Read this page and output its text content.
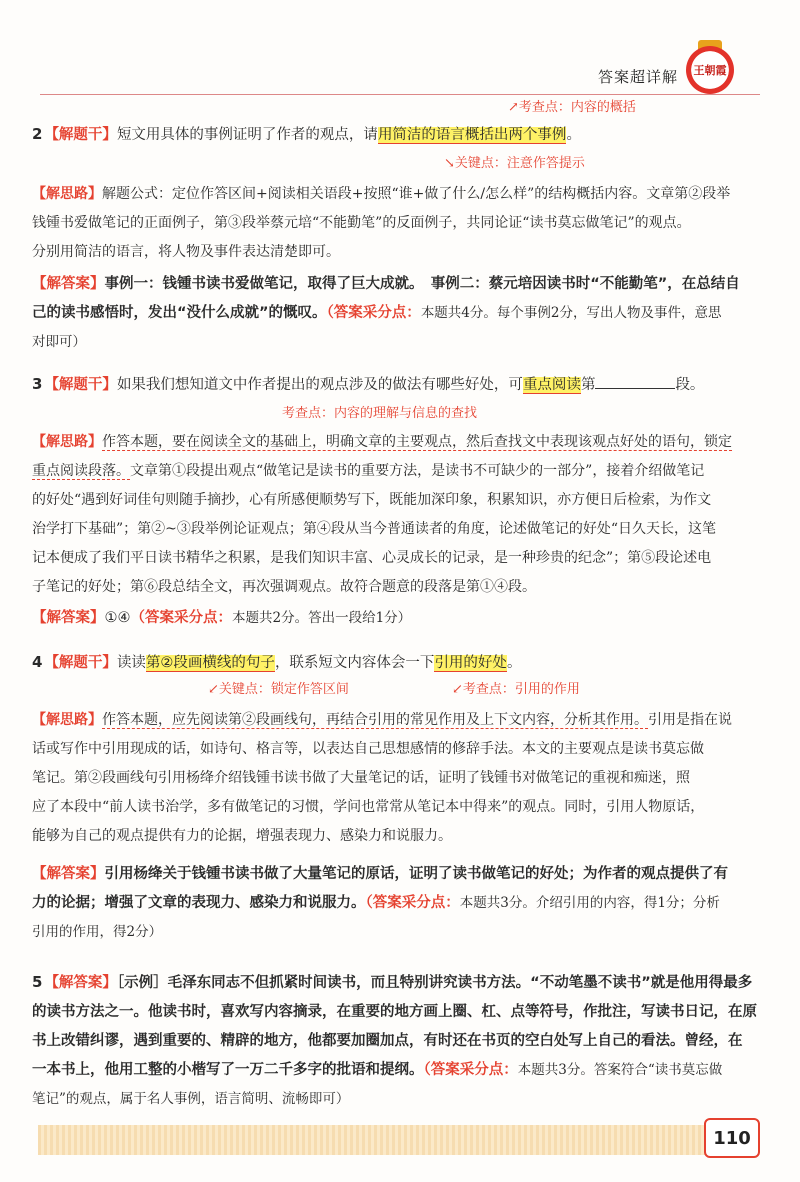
王朝霞
答案超详解
↗考查点：内容的概括
2 【解题干】短文用具体的事例证明了作者的观点，请用简洁的语言概括出两个事例。
↘关键点：注意作答提示
【解思路】解题公式：定位作答区间+阅读相关语段+按照“谁+做了什么/怎么样”的结构概括内容。文章第②段举
钱锺书爱做笔记的正面例子，第③段举蔡元培“不能勤笔”的反面例子，共同论证“读书莫忘做笔记”的观点。
分别用简洁的语言，将人物及事件表达清楚即可。
【解答案】事例一：钱锺书读书爱做笔记，取得了巨大成就。　事例二：蔡元培因读书时“不能勤笔”，在总结自
己的读书感悟时，发出“没什么成就”的慨叹。（答案采分点：本题共4分。每个事例2分，写出人物及事件，意思
对即可）
3 【解题干】如果我们想知道文中作者提出的观点涉及的做法有哪些好处，可重点阅读第	段。
考查点：内容的理解与信息的查找
【解思路】作答本题，要在阅读全文的基础上，明确文章的主要观点，然后查找文中表现该观点好处的语句，锁定
重点阅读段落。文章第①段提出观点“做笔记是读书的重要方法，是读书不可缺少的一部分”，接着介绍做笔记
的好处“遇到好词佳句则随手摘抄，心有所感便顺势写下，既能加深印象，积累知识，亦方便日后检索，为作文
治学打下基础”；第②~③段举例论证观点；第④段从当今普通读者的角度，论述做笔记的好处“日久天长，这笔
记本便成了我们平日读书精华之积累，是我们知识丰富、心灵成长的记录，是一种珍贵的纪念”；第⑤段论述电
子笔记的好处；第⑥段总结全文，再次强调观点。故符合题意的段落是第①④段。
【解答案】①④（答案采分点：本题共2分。答出一段给1分）
4 【解题干】读读第②段画横线的句子，联系短文内容体会一下引用的好处。
↙关键点：锁定作答区间	↙考查点：引用的作用
【解思路】作答本题，应先阅读第②段画线句，再结合引用的常见作用及上下文内容，分析其作用。引用是指在说
话或写作中引用现成的话，如诗句、格言等，以表达自己思想感情的修辞手法。本文的主要观点是读书莫忘做
笔记。第②段画线句引用杨绛介绍钱锺书读书做了大量笔记的话，证明了钱锺书对做笔记的重视和痴迷，照
应了本段中“前人读书治学，多有做笔记的习惯，学问也常常从笔记本中得来”的观点。同时，引用人物原话，
能够为自己的观点提供有力的论据，增强表现力、感染力和说服力。
【解答案】引用杨绛关于钱锺书读书做了大量笔记的原话，证明了读书做笔记的好处；为作者的观点提供了有
力的论据；增强了文章的表现力、感染力和说服力。（答案采分点：本题共3分。介绍引用的内容，得1分；分析
引用的作用，得2分）
5 【解答案】［示例］毛泽东同志不但抓紧时间读书，而且特别讲究读书方法。“不动笔墨不读书”就是他用得最多
的读书方法之一。他读书时，喜欢写内容摘录，在重要的地方画上圈、杠、点等符号，作批注，写读书日记，在原
书上改错纠谬，遇到重要的、精辟的地方，他都要加圈加点，有时还在书页的空白处写上自己的看法。曾经，在
一本书上，他用工整的小楷写了一万二千多字的批语和提纲。（答案采分点：本题共3分。答案符合“读书莫忘做
笔记”的观点，属于名人事例，语言简明、流畅即可）
110
